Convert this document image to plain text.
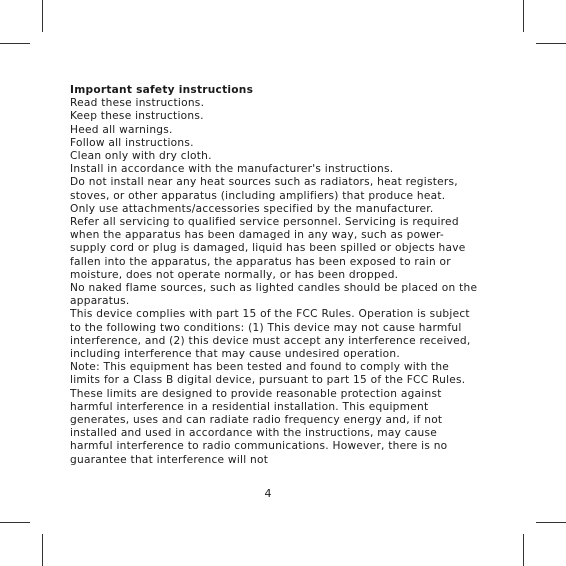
Important safety instructions

Read these instructions.

Keep these instructions.

Heed all warnings.

Follow all instructions.

Clean only with dry cloth.

Install in accordance with the manufacturer's instructions.

Do not install near any heat sources such as radiators, heat registers, stoves, or other apparatus (including amplifiers) that produce heat.

Only use attachments/accessories specified by the manufacturer.

Refer all servicing to qualified service personnel. Servicing is required when the apparatus has been damaged in any way, such as power-supply cord or plug is damaged, liquid has been spilled or objects have fallen into the apparatus, the apparatus has been exposed to rain or moisture, does not operate normally, or has been dropped.

No naked flame sources, such as lighted candles should be placed on the apparatus.

This device complies with part 15 of the FCC Rules. Operation is subject to the following two conditions: (1) This device may not cause harmful interference, and (2) this device must accept any interference received, including interference that may cause undesired operation.

Note: This equipment has been tested and found to comply with the limits for a Class B digital device, pursuant to part 15 of the FCC Rules. These limits are designed to provide reasonable protection against harmful interference in a residential installation. This equipment generates, uses and can radiate radio frequency energy and, if not installed and used in accordance with the instructions, may cause harmful interference to radio communications. However, there is no guarantee that interference will not

4
